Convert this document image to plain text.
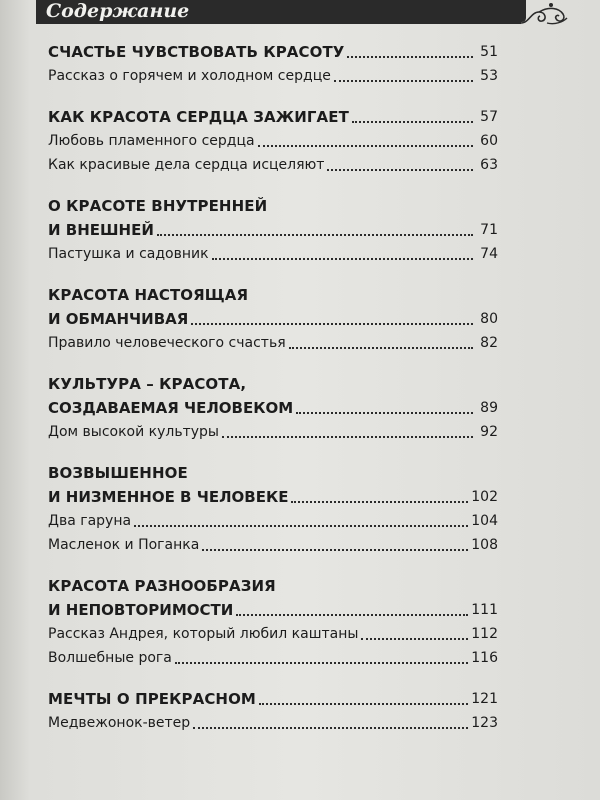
Содержание
СЧАСТЬЕ ЧУВСТВОВАТЬ КРАСОТУ	51
Рассказ о горячем и холодном сердце	53
КАК КРАСОТА СЕРДЦА ЗАЖИГАЕТ	57
Любовь пламенного сердца	60
Как красивые дела сердца исцеляют	63
О КРАСОТЕ ВНУТРЕННЕЙ
И ВНЕШНЕЙ	71
Пастушка и садовник	74
КРАСОТА НАСТОЯЩАЯ
И ОБМАНЧИВАЯ	80
Правило человеческого счастья	82
КУЛЬТУРА – КРАСОТА,
СОЗДАВАЕМАЯ ЧЕЛОВЕКОМ	89
Дом высокой культуры	92
ВОЗВЫШЕННОЕ
И НИЗМЕННОЕ В ЧЕЛОВЕКЕ	102
Два гаруна	104
Масленок и Поганка	108
КРАСОТА РАЗНООБРАЗИЯ
И НЕПОВТОРИМОСТИ	111
Рассказ Андрея, который любил каштаны	112
Волшебные рога	116
МЕЧТЫ О ПРЕКРАСНОМ	121
Медвежонок-ветер	123
